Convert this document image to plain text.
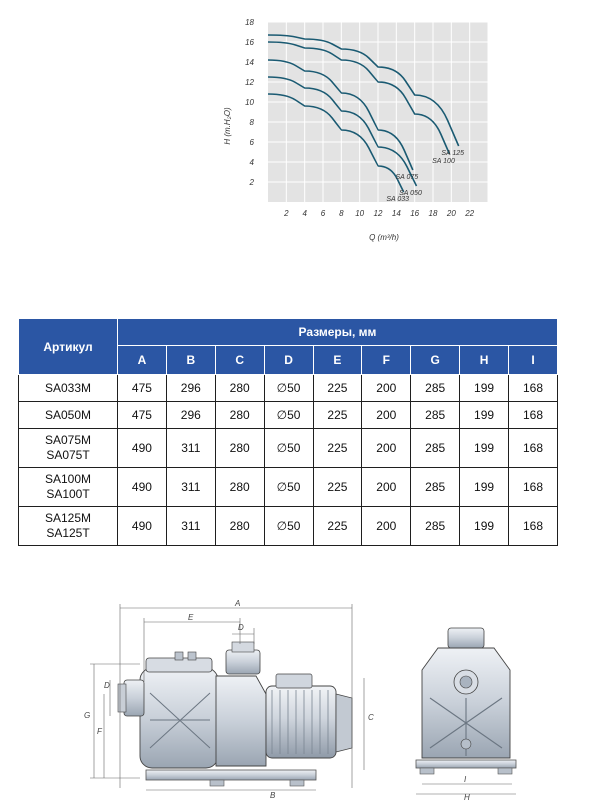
2
4
6
8
10
12
14
16
18
2 4 6 8 10 12 14 16 18 20 22
SA 033
SA 050
SA 075
SA 100
SA 125
H (m.H₂O)
Q (m³/h)
Артикул	Размеры, мм								
	A	B	C	D	E	F	G	H	I

SA033M	475	296	280	∅50	225	200	285	199	168

SA050M	475	296	280	∅50	225	200	285	199	168

SA075M
SA075T	490	311	280	∅50	225	200	285	199	168

SA100M
SA100T	490	311	280	∅50	225	200	285	199	168

SA125M
SA125T	490	311	280	∅50	225	200	285	199	168
A
E
D
B
G
F
D
C
I
H
